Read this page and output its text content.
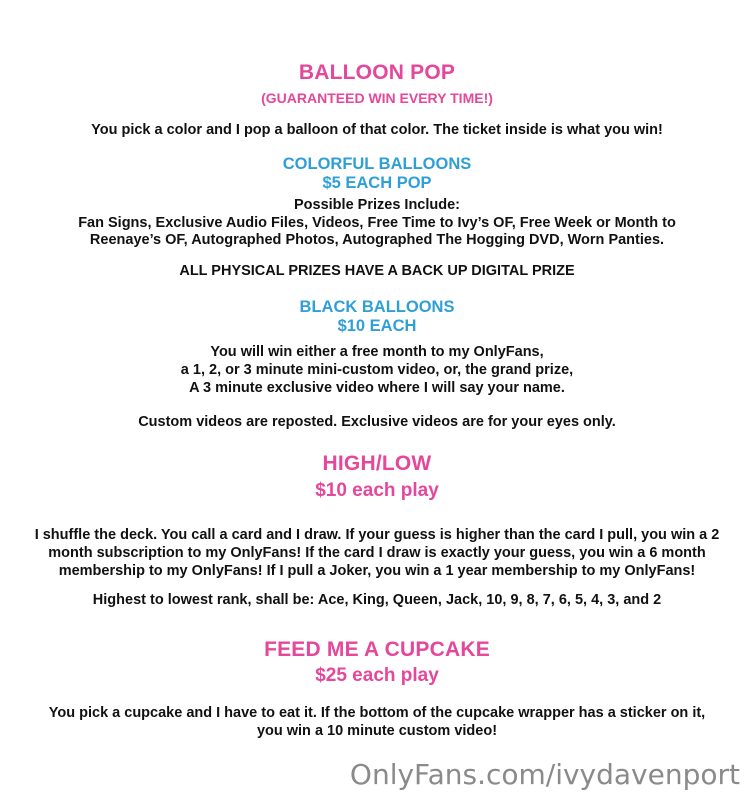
BALLOON POP
(GUARANTEED WIN EVERY TIME!)
You pick a color and I pop a balloon of that color. The ticket inside is what you win!
COLORFUL BALLOONS
$5 EACH POP
Possible Prizes Include:
Fan Signs, Exclusive Audio Files, Videos, Free Time to Ivy’s OF, Free Week or Month to Reenaye’s OF, Autographed Photos, Autographed The Hogging DVD, Worn Panties.
ALL PHYSICAL PRIZES HAVE A BACK UP DIGITAL PRIZE
BLACK BALLOONS
$10 EACH
You will win either a free month to my OnlyFans,
a 1, 2, or 3 minute mini-custom video, or, the grand prize,
A 3 minute exclusive video where I will say your name.
Custom videos are reposted. Exclusive videos are for your eyes only.
HIGH/LOW
$10 each play
I shuffle the deck. You call a card and I draw. If your guess is higher than the card I pull, you win a 2 month subscription to my OnlyFans! If the card I draw is exactly your guess, you win a 6 month membership to my OnlyFans! If I pull a Joker, you win a 1 year membership to my OnlyFans!
Highest to lowest rank, shall be: Ace, King, Queen, Jack, 10, 9, 8, 7, 6, 5, 4, 3, and 2
FEED ME A CUPCAKE
$25 each play
You pick a cupcake and I have to eat it. If the bottom of the cupcake wrapper has a sticker on it, you win a 10 minute custom video!
OnlyFans.com/ivydavenport
